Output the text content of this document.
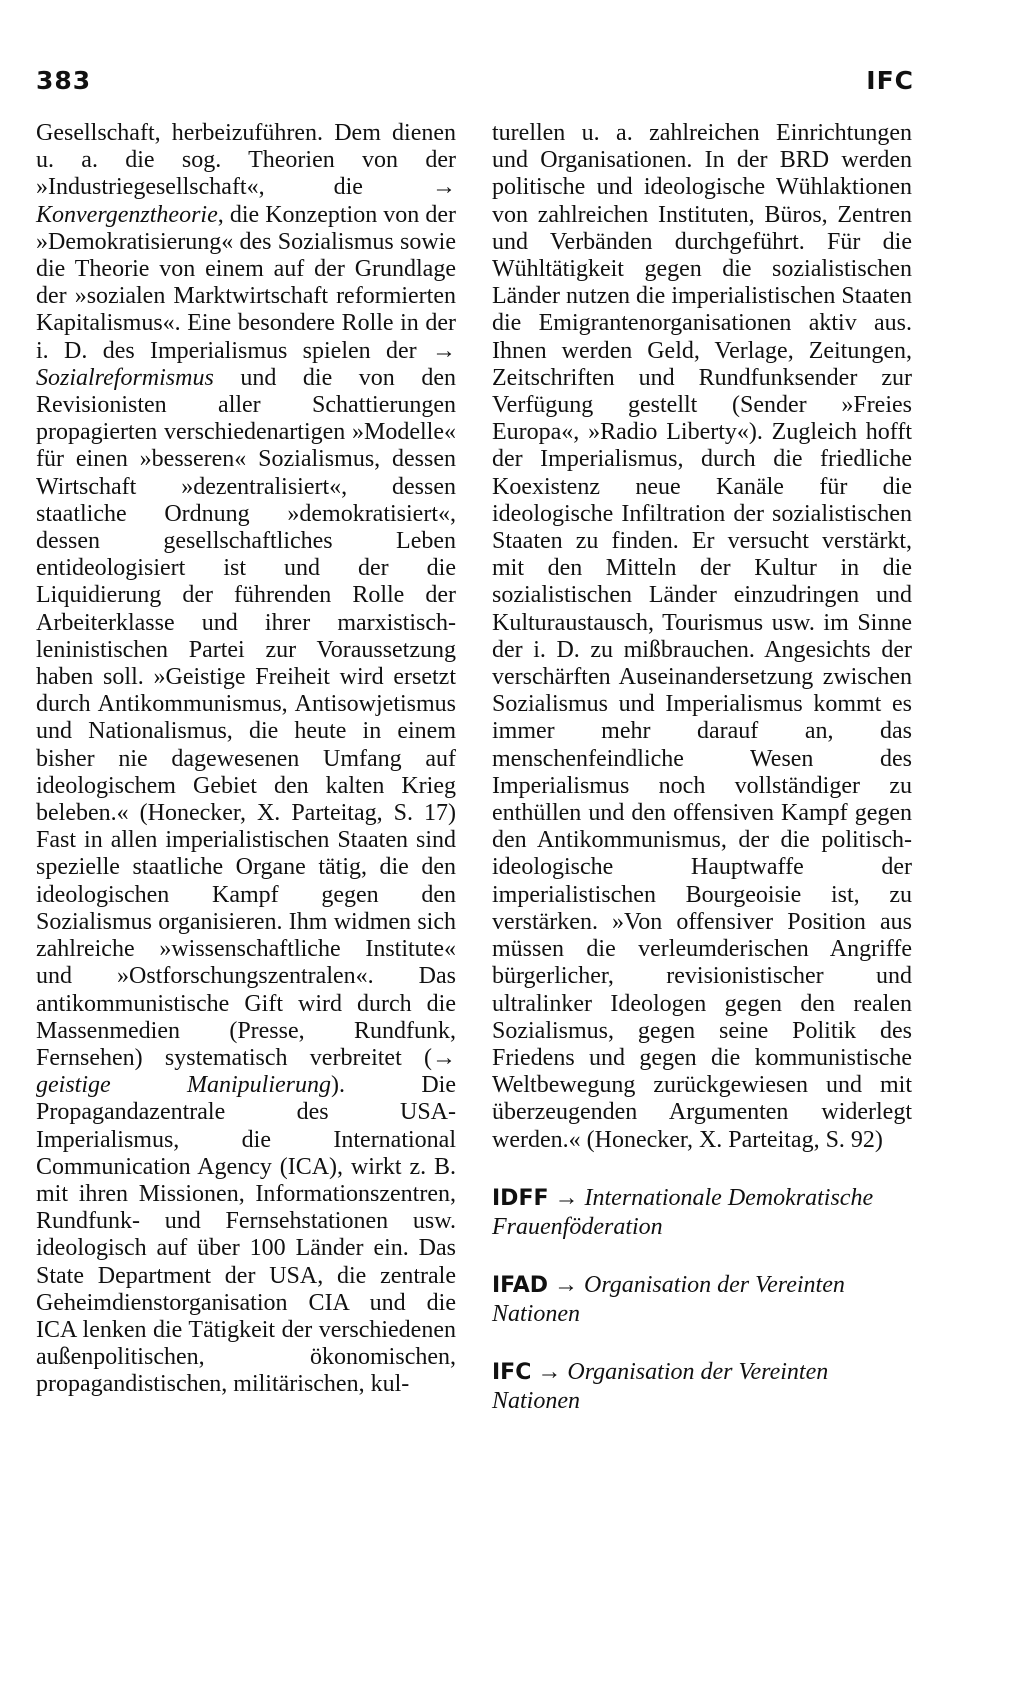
383	IFC

Gesellschaft, herbeizuführen. Dem dienen u. a. die sog. Theorien von der »Industriegesellschaft«, die → Konvergenztheorie, die Konzeption von der »Demokratisierung« des Sozialismus sowie die Theorie von einem auf der Grundlage der »sozialen Marktwirtschaft reformierten Kapitalismus«. Eine besondere Rolle in der i. D. des Imperialismus spielen der → Sozialreformismus und die von den Revisionisten aller Schattierungen propagierten verschiedenartigen »Modelle« für einen »besseren« Sozialismus, dessen Wirtschaft »dezentralisiert«, dessen staatliche Ordnung »demokratisiert«, dessen gesellschaftliches Leben entideologisiert ist und der die Liquidierung der führenden Rolle der Arbeiterklasse und ihrer marxistisch-leninistischen Partei zur Voraussetzung haben soll. »Geistige Freiheit wird ersetzt durch Antikommunismus, Antisowjetismus und Nationalismus, die heute in einem bisher nie dagewesenen Umfang auf ideologischem Gebiet den kalten Krieg beleben.« (Honecker, X. Parteitag, S. 17) Fast in allen imperialistischen Staaten sind spezielle staatliche Organe tätig, die den ideologischen Kampf gegen den Sozialismus organisieren. Ihm widmen sich zahlreiche »wissenschaftliche Institute« und »Ostforschungszentralen«. Das antikommunistische Gift wird durch die Massenmedien (Presse, Rundfunk, Fernsehen) systematisch verbreitet (→ geistige Manipulierung). Die Propagandazentrale des USA-Imperialismus, die International Communication Agency (ICA), wirkt z. B. mit ihren Missionen, Informationszentren, Rundfunk- und Fernsehstationen usw. ideologisch auf über 100 Länder ein. Das State Department der USA, die zentrale Geheimdienstorganisation CIA und die ICA lenken die Tätigkeit der verschiedenen außenpolitischen, ökonomischen, propagandistischen, militärischen, kul-

turellen u. a. zahlreichen Einrichtungen und Organisationen. In der BRD werden politische und ideologische Wühlaktionen von zahlreichen Instituten, Büros, Zentren und Verbänden durchgeführt. Für die Wühltätigkeit gegen die sozialistischen Länder nutzen die imperialistischen Staaten die Emigrantenorganisationen aktiv aus. Ihnen werden Geld, Verlage, Zeitungen, Zeitschriften und Rundfunksender zur Verfügung gestellt (Sender »Freies Europa«, »Radio Liberty«). Zugleich hofft der Imperialismus, durch die friedliche Koexistenz neue Kanäle für die ideologische Infiltration der sozialistischen Staaten zu finden. Er versucht verstärkt, mit den Mitteln der Kultur in die sozialistischen Länder einzudringen und Kulturaustausch, Tourismus usw. im Sinne der i. D. zu mißbrauchen. Angesichts der verschärften Auseinandersetzung zwischen Sozialismus und Imperialismus kommt es immer mehr darauf an, das menschenfeindliche Wesen des Imperialismus noch vollständiger zu enthüllen und den offensiven Kampf gegen den Antikommunismus, der die politisch-ideologische Hauptwaffe der imperialistischen Bourgeoisie ist, zu verstärken. »Von offensiver Position aus müssen die verleumderischen Angriffe bürgerlicher, revisionistischer und ultralinker Ideologen gegen den realen Sozialismus, gegen seine Politik des Friedens und gegen die kommunistische Weltbewegung zurückgewiesen und mit überzeugenden Argumenten widerlegt werden.« (Honecker, X. Parteitag, S. 92)

IDFF → Internationale Demokratische Frauenföderation
IFAD → Organisation der Vereinten Nationen
IFC → Organisation der Vereinten Nationen
